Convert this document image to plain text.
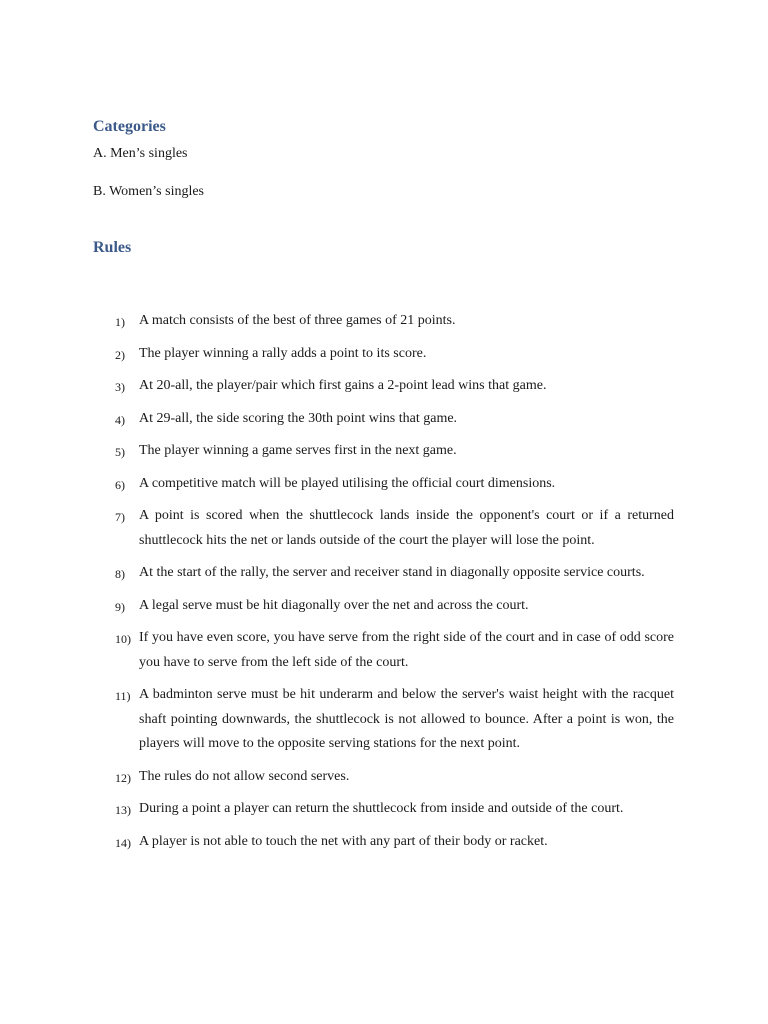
Categories

A. Men’s singles

B. Women’s singles

Rules
1) A match consists of the best of three games of 21 points.
2) The player winning a rally adds a point to its score.
3) At 20-all, the player/pair which first gains a 2-point lead wins that game.
4) At 29-all, the side scoring the 30th point wins that game.
5) The player winning a game serves first in the next game.
6) A competitive match will be played utilising the official court dimensions.
7) A point is scored when the shuttlecock lands inside the opponent's court or if a returned shuttlecock hits the net or lands outside of the court the player will lose the point.
8) At the start of the rally, the server and receiver stand in diagonally opposite service courts.
9) A legal serve must be hit diagonally over the net and across the court.
10) If you have even score, you have serve from the right side of the court and in case of odd score you have to serve from the left side of the court.
11) A badminton serve must be hit underarm and below the server's waist height with the racquet shaft pointing downwards, the shuttlecock is not allowed to bounce. After a point is won, the players will move to the opposite serving stations for the next point.
12) The rules do not allow second serves.
13) During a point a player can return the shuttlecock from inside and outside of the court.
14) A player is not able to touch the net with any part of their body or racket.
